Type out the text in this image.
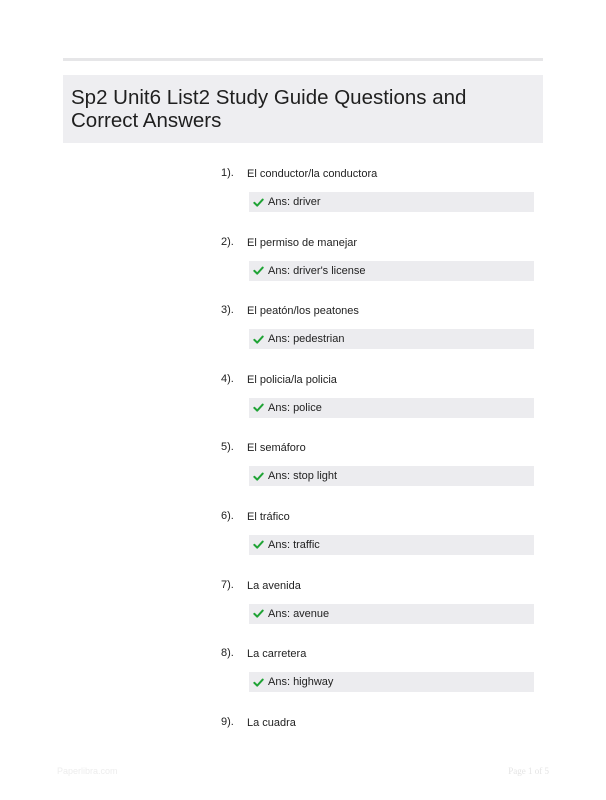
Sp2 Unit6 List2 Study Guide Questions and Correct Answers
1). El conductor/la conductora
Ans: driver
2). El permiso de manejar
Ans: driver's license
3). El peatón/los peatones
Ans: pedestrian
4). El policia/la policia
Ans: police
5). El semáforo
Ans: stop light
6). El tráfico
Ans: traffic
7). La avenida
Ans: avenue
8). La carretera
Ans: highway
9). La cuadra
Paperlibra.com	Page 1 of 5
